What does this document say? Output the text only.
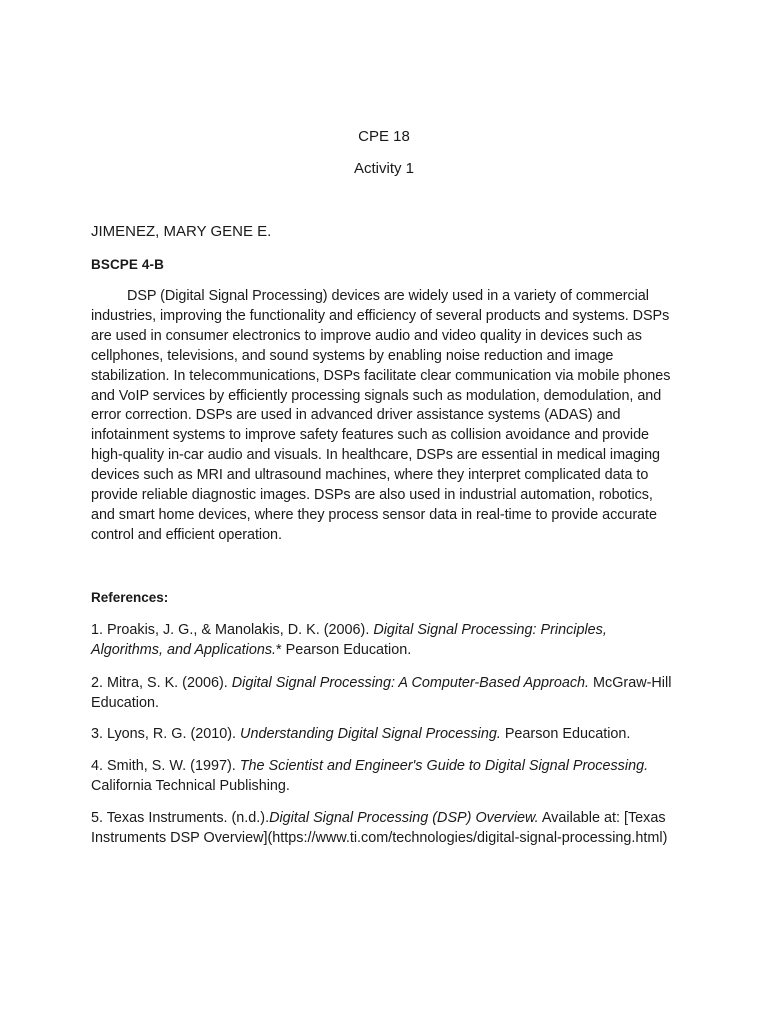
CPE 18
Activity 1
JIMENEZ, MARY GENE E.
BSCPE 4-B

DSP (Digital Signal Processing) devices are widely used in a variety of commercial industries, improving the functionality and efficiency of several products and systems. DSPs are used in consumer electronics to improve audio and video quality in devices such as cellphones, televisions, and sound systems by enabling noise reduction and image stabilization. In telecommunications, DSPs facilitate clear communication via mobile phones and VoIP services by efficiently processing signals such as modulation, demodulation, and error correction. DSPs are used in advanced driver assistance systems (ADAS) and infotainment systems to improve safety features such as collision avoidance and provide high-quality in-car audio and visuals. In healthcare, DSPs are essential in medical imaging devices such as MRI and ultrasound machines, where they interpret complicated data to provide reliable diagnostic images. DSPs are also used in industrial automation, robotics, and smart home devices, where they process sensor data in real-time to provide accurate control and efficient operation.

References:

1. Proakis, J. G., & Manolakis, D. K. (2006). Digital Signal Processing: Principles, Algorithms, and Applications.* Pearson Education.

2. Mitra, S. K. (2006). Digital Signal Processing: A Computer-Based Approach. McGraw-Hill Education.

3. Lyons, R. G. (2010). Understanding Digital Signal Processing. Pearson Education.

4. Smith, S. W. (1997). The Scientist and Engineer's Guide to Digital Signal Processing. California Technical Publishing.

5. Texas Instruments. (n.d.).Digital Signal Processing (DSP) Overview. Available at: [Texas Instruments DSP Overview](https://www.ti.com/technologies/digital-signal-processing.html)
